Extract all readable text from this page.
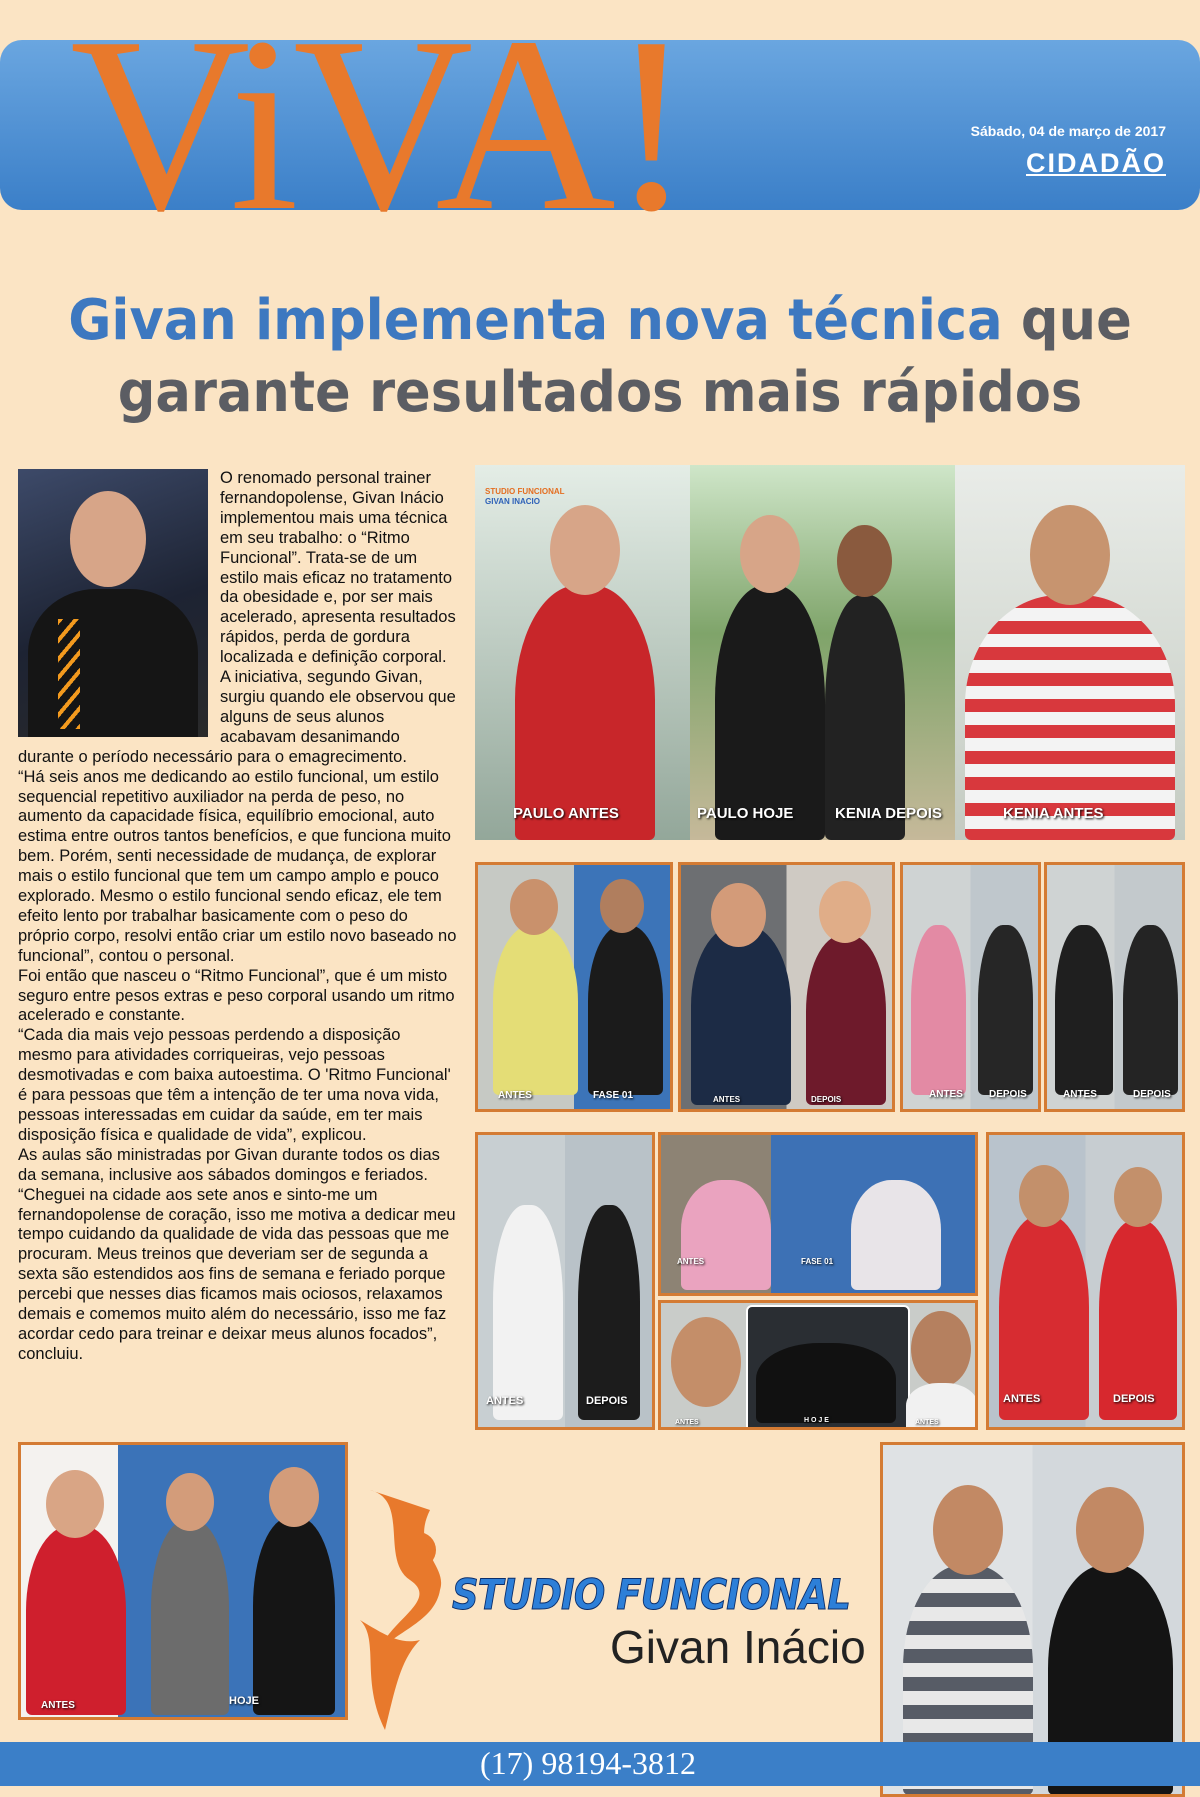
ViVA!	Sábado, 04 de março de 2017
CIDADÃO
Givan implementa nova técnica que
garante resultados mais rápidos

O renomado personal trainer fernandopolense, Givan Inácio implementou mais uma técnica em seu trabalho: o “Ritmo Funcional”. Trata-se de um estilo mais eficaz no tratamento da obesidade e, por ser mais acelerado, apresenta resultados rápidos, perda de gordura localizada e definição corporal.

A iniciativa, segundo Givan, surgiu quando ele observou que alguns de seus alunos acabavam desanimando durante o período necessário para o emagrecimento.

“Há seis anos me dedicando ao estilo funcional, um estilo sequencial repetitivo auxiliador na perda de peso, no aumento da capacidade física, equilíbrio emocional, auto estima entre outros tantos benefícios, e que funciona muito bem. Porém, senti necessidade de mudança, de explorar mais o estilo funcional que tem um campo amplo e pouco explorado. Mesmo o estilo funcional sendo eficaz, ele tem efeito lento por trabalhar basicamente com o peso do próprio corpo, resolvi então criar um estilo novo baseado no funcional”, contou o personal.

Foi então que nasceu o “Ritmo Funcional”, que é um misto seguro entre pesos extras e peso corporal usando um ritmo acelerado e constante.

“Cada dia mais vejo pessoas perdendo a disposição mesmo para atividades corriqueiras, vejo pessoas desmotivadas e com baixa autoestima. O 'Ritmo Funcional' é para pessoas que têm a intenção de ter uma nova vida, pessoas interessadas em cuidar da saúde, em ter mais disposição física e qualidade de vida”, explicou.

As aulas são ministradas por Givan durante todos os dias da semana, inclusive aos sábados domingos e feriados.

“Cheguei na cidade aos sete anos e sinto-me um fernandopolense de coração, isso me motiva a dedicar meu tempo cuidando da qualidade de vida das pessoas que me procuram. Meus treinos que deveriam ser de segunda a sexta são estendidos aos fins de semana e feriado porque percebi que nesses dias ficamos mais ociosos, relaxamos demais e comemos muito além do necessário, isso me faz acordar cedo para treinar e deixar meus alunos focados”, concluiu.

STUDIO FUNCIONAL
GIVAN INACIO
PAULO ANTES	PAULO HOJE	KENIA DEPOIS	KENIA ANTES
ANTES	FASE 01	ANTES	DEPOIS	ANTES	DEPOIS	ANTES	DEPOIS
ANTES	DEPOIS
ANTES	FASE 01
ANTES	H O J E	ANTES
ANTES	DEPOIS
ANTES	HOJE
STUDIO FUNCIONAL
Givan Inácio
(17) 98194-3812
